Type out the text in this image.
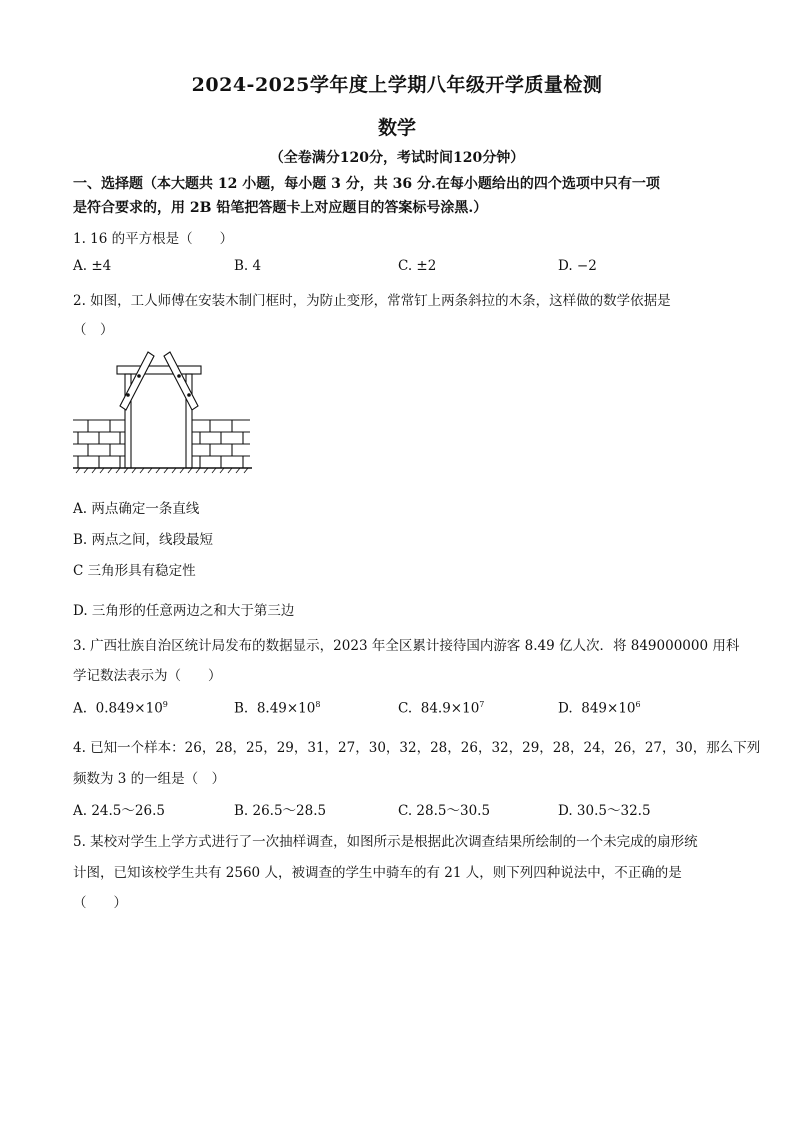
2024-2025学年度上学期八年级开学质量检测
数学
（全卷满分120分，考试时间120分钟）
一、选择题（本大题共 12 小题，每小题 3 分，共 36 分.在每小题给出的四个选项中只有一项
是符合要求的，用 2B 铅笔把答题卡上对应题目的答案标号涂黑.）
1. 16 的平方根是（　　）
A. ±4	B. 4	C. ±2	D. −2
2. 如图，工人师傅在安装木制门框时，为防止变形，常常钉上两条斜拉的木条，这样做的数学依据是
（　）
A. 两点确定一条直线
B. 两点之间，线段最短
C 三角形具有稳定性
D. 三角形的任意两边之和大于第三边
3. 广西壮族自治区统计局发布的数据显示，2023 年全区累计接待国内游客 8.49 亿人次．将 849000000 用科
学记数法表示为（　　）
A. $0.849\times 10^9$	B. $8.49\times 10^8$	C. $84.9\times 10^7$	D. $849\times 10^6$
4. 已知一个样本：26，28，25，29，31，27，30，32，28，26，32，29，28，24，26，27，30，那么下列
频数为 3 的一组是（　）
A. 24.5～26.5	B. 26.5～28.5	C. 28.5～30.5	D. 30.5～32.5
5. 某校对学生上学方式进行了一次抽样调查，如图所示是根据此次调查结果所绘制的一个未完成的扇形统
计图，已知该校学生共有 2560 人，被调查的学生中骑车的有 21 人，则下列四种说法中，不正确的是
（　　）
